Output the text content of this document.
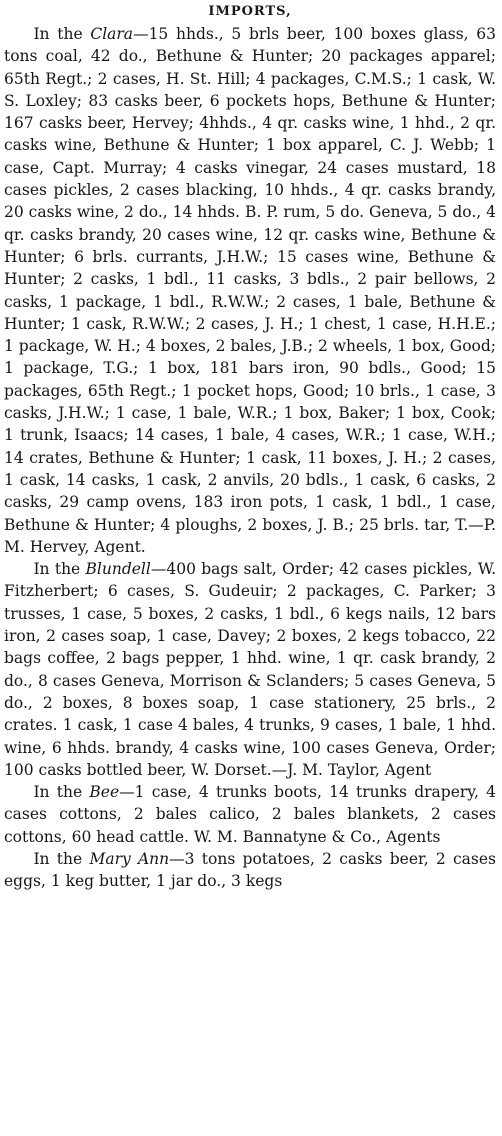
IMPORTS,

In the Clara—15 hhds., 5 brls beer, 100 boxes glass, 63 tons coal, 42 do., Bethune & Hunter; 20 packages apparel; 65th Regt.; 2 cases, H. St. Hill; 4 packages, C.M.S.; 1 cask, W. S. Loxley; 83 casks beer, 6 pockets hops, Bethune & Hunter; 167 casks beer, Hervey; 4hhds., 4 qr. casks wine, 1 hhd., 2 qr. casks wine, Bethune & Hunter; 1 box apparel, C. J. Webb; 1 case, Capt. Murray; 4 casks vinegar, 24 cases mustard, 18 cases pickles, 2 cases blacking, 10 hhds., 4 qr. casks brandy, 20 casks wine, 2 do., 14 hhds. B. P. rum, 5 do. Geneva, 5 do., 4 qr. casks brandy, 20 cases wine, 12 qr. casks wine, Bethune & Hunter; 6 brls. currants, J.H.W.; 15 cases wine, Bethune & Hunter; 2 casks, 1 bdl., 11 casks, 3 bdls., 2 pair bellows, 2 casks, 1 package, 1 bdl., R.W.W.; 2 cases, 1 bale, Bethune & Hunter; 1 cask, R.W.W.; 2 cases, J. H.; 1 chest, 1 case, H.H.E.; 1 package, W. H.; 4 boxes, 2 bales, J.B.; 2 wheels, 1 box, Good; 1 package, T.G.; 1 box, 181 bars iron, 90 bdls., Good; 15 packages, 65th Regt.; 1 pocket hops, Good; 10 brls., 1 case, 3 casks, J.H.W.; 1 case, 1 bale, W.R.; 1 box, Baker; 1 box, Cook; 1 trunk, Isaacs; 14 cases, 1 bale, 4 cases, W.R.; 1 case, W.H.; 14 crates, Bethune & Hunter; 1 cask, 11 boxes, J. H.; 2 cases, 1 cask, 14 casks, 1 cask, 2 anvils, 20 bdls., 1 cask, 6 casks, 2 casks, 29 camp ovens, 183 iron pots, 1 cask, 1 bdl., 1 case, Bethune & Hunter; 4 ploughs, 2 boxes, J. B.; 25 brls. tar, T.—P. M. Hervey, Agent.

In the Blundell—400 bags salt, Order; 42 cases pickles, W. Fitzherbert; 6 cases, S. Gudeuir; 2 packages, C. Parker; 3 trusses, 1 case, 5 boxes, 2 casks, 1 bdl., 6 kegs nails, 12 bars iron, 2 cases soap, 1 case, Davey; 2 boxes, 2 kegs tobacco, 22 bags coffee, 2 bags pepper, 1 hhd. wine, 1 qr. cask brandy, 2 do., 8 cases Geneva, Morrison & Sclanders; 5 cases Geneva, 5 do., 2 boxes, 8 boxes soap, 1 case stationery, 25 brls., 2 crates. 1 cask, 1 case 4 bales, 4 trunks, 9 cases, 1 bale, 1 hhd. wine, 6 hhds. brandy, 4 casks wine, 100 cases Geneva, Order; 100 casks bottled beer, W. Dorset.—J. M. Taylor, Agent

In the Bee—1 case, 4 trunks boots, 14 trunks drapery, 4 cases cottons, 2 bales calico, 2 bales blankets, 2 cases cottons, 60 head cattle. W. M. Bannatyne & Co., Agents

In the Mary Ann—3 tons potatoes, 2 casks beer, 2 cases eggs, 1 keg butter, 1 jar do., 3 kegs
